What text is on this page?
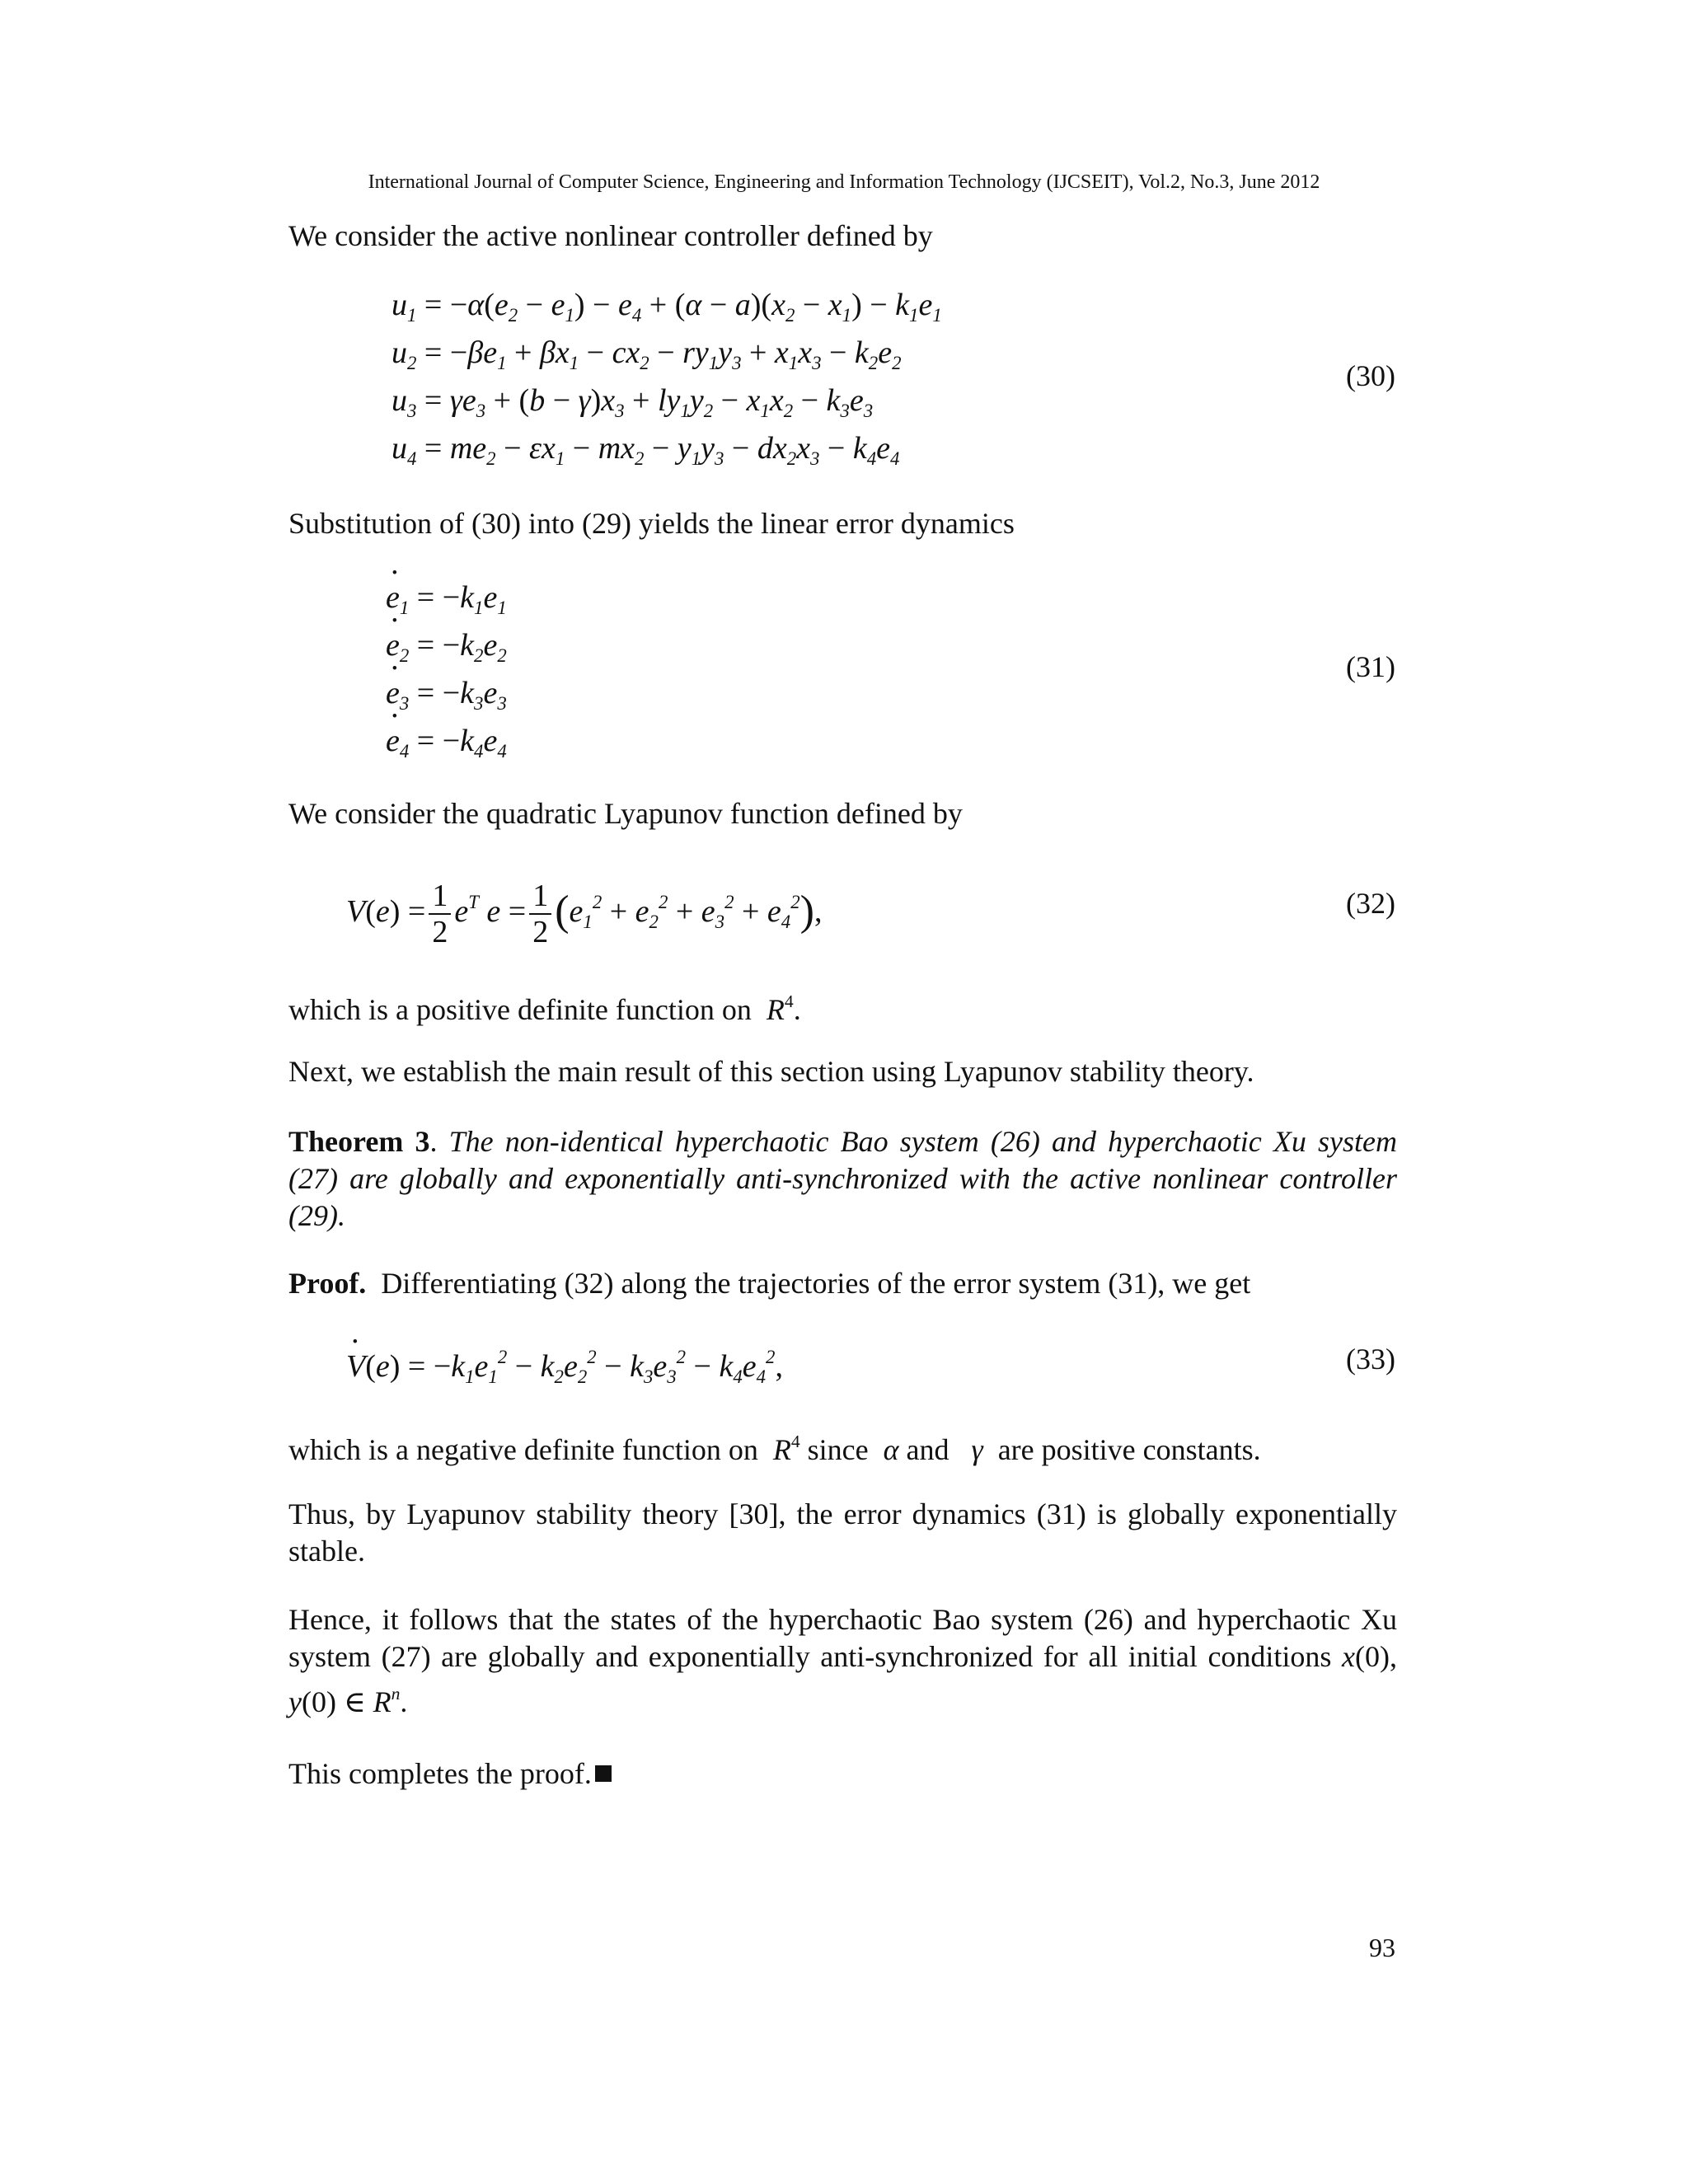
International Journal of Computer Science, Engineering and Information Technology (IJCSEIT), Vol.2, No.3, June 2012
We consider the active nonlinear controller defined by
$u_1 = -\alpha(e_2 - e_1) - e_4 + (\alpha - a)(x_2 - x_1) - k_1e_1$
$u_2 = -\beta e_1 + \beta x_1 - cx_2 - ry_1y_3 + x_1x_3 - k_2e_2$
$u_3 = \gamma e_3 + (b - \gamma)x_3 + ly_1y_2 - x_1x_2 - k_3e_3$
$u_4 = me_2 - \varepsilon x_1 - mx_2 - y_1y_3 - dx_2x_3 - k_4e_4$
(30)
Substitution of (30) into (29) yields the linear error dynamics
· $e_1 = -k_1e_1$
· $e_2 = -k_2e_2$
· $e_3 = -k_3e_3$
· $e_4 = -k_4e_4$
(31)
We consider the quadratic Lyapunov function defined by
$V(e) = \frac{1}{2} e^T$ $e = \frac{1}{2} (e_1^2 + e_2^2 + e_3^2 + e_4^2)$,	(32)
which is a positive definite function on $R^4$.
Next, we establish the main result of this section using Lyapunov stability theory.
Theorem 3. The non-identical hyperchaotic Bao system (26) and hyperchaotic Xu system (27) are globally and exponentially anti-synchronized with the active nonlinear controller (29).
Proof. Differentiating (32) along the trajectories of the error system (31), we get
· $V(e) = -k_1e_1^2 - k_2e_2^2 - k_3e_3^2 - k_4e_4^2$,	(33)
which is a negative definite function on $R^4$ since α and γ are positive constants.
Thus, by Lyapunov stability theory [30], the error dynamics (31) is globally exponentially stable.
Hence, it follows that the states of the hyperchaotic Bao system (26) and hyperchaotic Xu system (27) are globally and exponentially anti-synchronized for all initial conditions x(0), y(0) ∈ $R^n$.
This completes the proof.
93
